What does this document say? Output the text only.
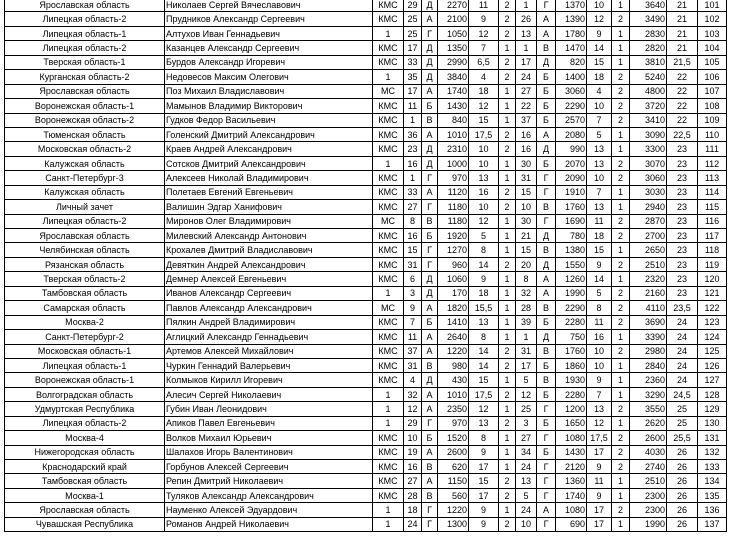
Ярославская область	Николаев Сергей Вячеславович	КМС	29	Д	2270	11	2	1	Г	1370	10	1	3640	21	101
Липецкая область-2	Прудников Александр Сергеевич	КМС	25	А	2100	9	2	26	А	1390	12	2	3490	21	102
Липецкая область-1	Алтухов Иван Геннадьевич	1	25	Г	1050	12	2	13	А	1780	9	1	2830	21	103
Липецкая область-2	Казанцев Александр Сергеевич	КМС	17	Д	1350	7	1	1	В	1470	14	1	2820	21	104
Тверская область-1	Бурдов Александр Игоревич	КМС	33	Д	2990	6,5	2	17	Д	820	15	1	3810	21,5	105
Курганская область-2	Недовесов Максим Олегович	1	35	Д	3840	4	2	24	Б	1400	18	2	5240	22	106
Ярославская область	Поз Михаил Владиславович	МС	17	А	1740	18	1	27	Б	3060	4	2	4800	22	107
Воронежская область-1	Мамынов Владимир Викторович	КМС	11	Б	1430	12	1	22	Б	2290	10	2	3720	22	108
Воронежская область-2	Гудков Федор Васильевич	КМС	1	В	840	15	1	37	Б	2570	7	2	3410	22	109
Тюменская область	Голенский Дмитрий Александрович	КМС	36	А	1010	17,5	2	16	А	2080	5	1	3090	22,5	110
Московская область-2	Краев Андрей Александрович	КМС	23	Д	2310	10	2	16	Д	990	13	1	3300	23	111
Калужская область	Сотсков Дмитрий Александрович	1	16	Д	1000	10	1	30	Б	2070	13	2	3070	23	112
Санкт-Петербург-3	Алексеев Николай Владимирович	КМС	1	Г	970	13	1	31	Г	2090	10	2	3060	23	113
Калужская область	Полетаев Евгений Евгеньевич	КМС	33	А	1120	16	2	15	Г	1910	7	1	3030	23	114
Личный зачет	Валишин Эдгар Ханифович	КМС	27	Г	1180	10	2	10	В	1760	13	1	2940	23	115
Липецкая область-2	Миронов Олег Владимирович	МС	8	В	1180	12	1	30	Г	1690	11	2	2870	23	116
Ярославская область	Милевский Александр Антонович	КМС	16	Б	1920	5	1	21	Д	780	18	2	2700	23	117
Челябинская область	Крохалев Дмитрий Владиславович	КМС	15	Г	1270	8	1	15	В	1380	15	1	2650	23	118
Рязанская область	Девяткин Андрей Александрович	КМС	31	Г	960	14	2	20	Д	1550	9	2	2510	23	119
Тверская область-2	Демнер Алексей Евгеньевич	КМС	6	Д	1060	9	1	8	А	1260	14	1	2320	23	120
Тамбовская область	Иванов Александр Сергеевич	1	3	Д	170	18	1	32	А	1990	5	2	2160	23	121
Самарская область	Павлов Александр Александрович	МС	9	А	1820	15,5	1	28	В	2290	8	2	4110	23,5	122
Москва-2	Пялкин Андрей Владимирович	КМС	7	Б	1410	13	1	39	Б	2280	11	2	3690	24	123
Санкт-Петербург-2	Аглицкий Александр Геннадьевич	КМС	11	А	2640	8	1	1	Д	750	16	1	3390	24	124
Московская область-1	Артемов Алексей Михайлович	КМС	37	А	1220	14	2	31	В	1760	10	2	2980	24	125
Липецкая область-1	Чуркин Геннадий Валерьевич	КМС	31	В	980	14	2	17	Б	1860	10	1	2840	24	126
Воронежская область-1	Колмыков Кирилл Игоревич	КМС	4	Д	430	15	1	5	В	1930	9	1	2360	24	127
Волгоградская область	Алесич Сергей Николаевич	1	32	А	1010	17,5	2	12	Б	2280	7	1	3290	24,5	128
Удмуртская Республика	Губин Иван Леонидович	1	12	А	2350	12	1	25	Г	1200	13	2	3550	25	129
Липецкая область-2	Апиков Павел Евгеньевич	1	29	Г	970	13	2	3	Б	1650	12	1	2620	25	130
Москва-4	Волков Михаил Юрьевич	КМС	10	Б	1520	8	1	27	Г	1080	17,5	2	2600	25,5	131
Нижегородская область	Шалахов Игорь Валентинович	КМС	19	А	2600	9	1	34	Б	1430	17	2	4030	26	132
Краснодарский край	Горбунов Алексей Сергеевич	КМС	16	В	620	17	1	24	Г	2120	9	2	2740	26	133
Тамбовская область	Репин Дмитрий Николаевич	КМС	27	А	1150	15	2	13	Г	1360	11	1	2510	26	134
Москва-1	Туляков Александр Александрович	КМС	28	В	560	17	2	5	Г	1740	9	1	2300	26	135
Ярославская область	Науменко Алексей Эдуардович	1	18	Г	1220	9	1	24	А	1080	17	2	2300	26	136
Чувашская Республика	Романов Андрей Николаевич	1	24	Г	1300	9	2	10	Г	690	17	1	1990	26	137
